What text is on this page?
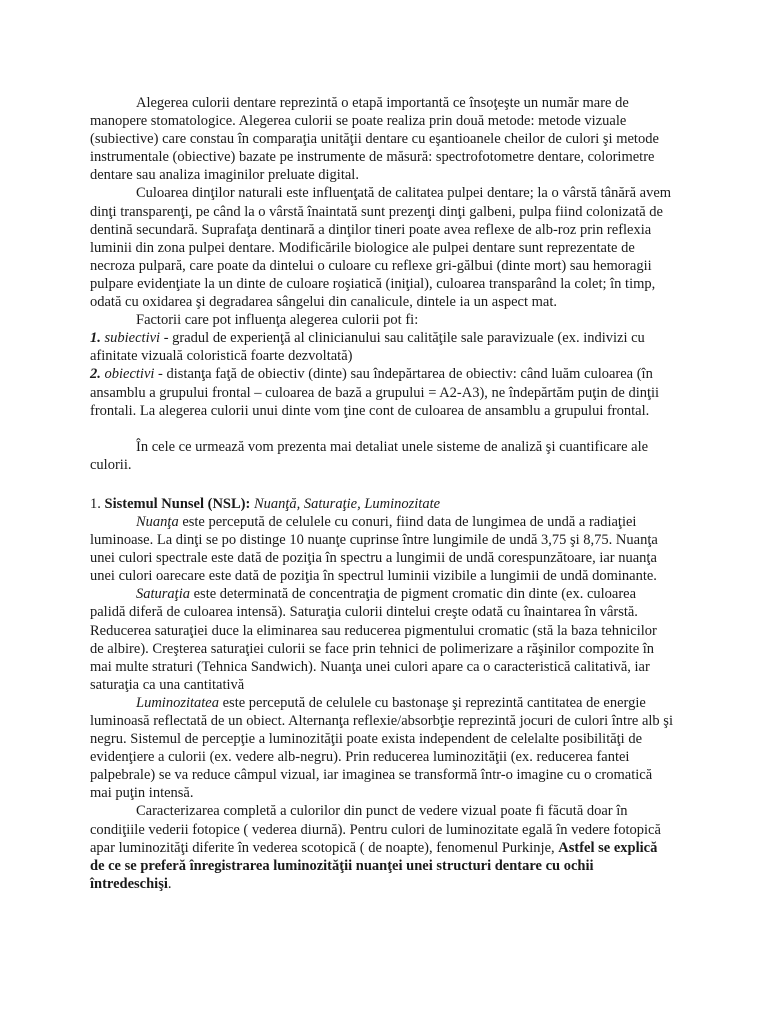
Alegerea culorii dentare reprezintă o etapă importantă ce însoţeşte un număr mare de manopere stomatologice. Alegerea culorii se poate realiza prin două metode: metode vizuale (subiective) care constau în comparaţia unităţii dentare cu eşantioanele cheilor de culori şi metode instrumentale (obiective) bazate pe instrumente de măsură: spectrofotometre dentare, colorimetre dentare sau analiza imaginilor preluate digital.

Culoarea dinţilor naturali este influenţată de calitatea pulpei dentare; la o vârstă tânără avem dinţi transparenţi, pe când la o vârstă înaintată sunt prezenţi dinţi galbeni, pulpa fiind colonizată de dentină secundară. Suprafaţa dentinară a dinţilor tineri poate avea reflexe de alb-roz prin reflexia luminii din zona pulpei dentare. Modificările biologice ale pulpei dentare sunt reprezentate de necroza pulpară, care poate da dintelui o culoare cu reflexe gri-gălbui (dinte mort) sau hemoragii pulpare evidenţiate la un dinte de culoare roşiatică (iniţial), culoarea transparând la colet; în timp, odată cu oxidarea şi degradarea sângelui din canalicule, dintele ia un aspect mat.

Factorii care pot influenţa alegerea culorii pot fi:

1. subiectivi - gradul de experienţă al clinicianului sau calităţile sale paravizuale (ex. indivizi cu afinitate vizuală coloristică foarte dezvoltată)

2. obiectivi - distanţa faţă de obiectiv (dinte) sau îndepărtarea de obiectiv: când luăm culoarea (în ansamblu a grupului frontal – culoarea de bază a grupului = A2-A3), ne îndepărtăm puţin de dinţii frontali. La alegerea culorii unui dinte vom ţine cont de culoarea de ansamblu a grupului frontal.

În cele ce urmează vom prezenta mai detaliat unele sisteme de analiză şi cuantificare ale culorii.

1. Sistemul Nunsel (NSL): Nuanţă, Saturaţie, Luminozitate

Nuanţa este percepută de celulele cu conuri, fiind data de lungimea de undă a radiaţiei luminoase. La dinţi se po distinge 10 nuanţe cuprinse între lungimile de undă 3,75 şi 8,75. Nuanţa unei culori spectrale este dată de poziţia în spectru a lungimii de undă corespunzătoare, iar nuanţa unei culori oarecare este dată de poziţia în spectrul luminii vizibile a lungimii de undă dominante.

Saturaţia este determinată de concentraţia de pigment cromatic din dinte (ex. culoarea palidă diferă de culoarea intensă). Saturaţia culorii dintelui creşte odată cu înaintarea în vârstă. Reducerea saturaţiei duce la eliminarea sau reducerea pigmentului cromatic (stă la baza tehnicilor de albire). Creşterea saturaţiei culorii se face prin tehnici de polimerizare a răşinilor compozite în mai multe straturi (Tehnica Sandwich). Nuanţa unei culori apare ca o caracteristică calitativă, iar saturaţia ca una cantitativă

Luminozitatea este percepută de celulele cu bastonaşe şi reprezintă cantitatea de energie luminoasă reflectată de un obiect. Alternanţa reflexie/absorbţie reprezintă jocuri de culori între alb şi negru. Sistemul de percepţie a luminozităţii poate exista independent de celelalte posibilităţi de evidenţiere a culorii (ex. vedere alb-negru). Prin reducerea luminozităţii (ex. reducerea fantei palpebrale) se va reduce câmpul vizual, iar imaginea se transformă într-o imagine cu o cromatică mai puţin intensă.

Caracterizarea completă a culorilor din punct de vedere vizual poate fi făcută doar în condiţiile vederii fotopice ( vederea diurnă). Pentru culori de luminozitate egală în vedere fotopică apar luminozităţi diferite în vederea scotopică ( de noapte), fenomenul Purkinje, Astfel se explică de ce se preferă înregistrarea luminozităţii nuanţei unei structuri dentare cu ochii întredeschişi.
